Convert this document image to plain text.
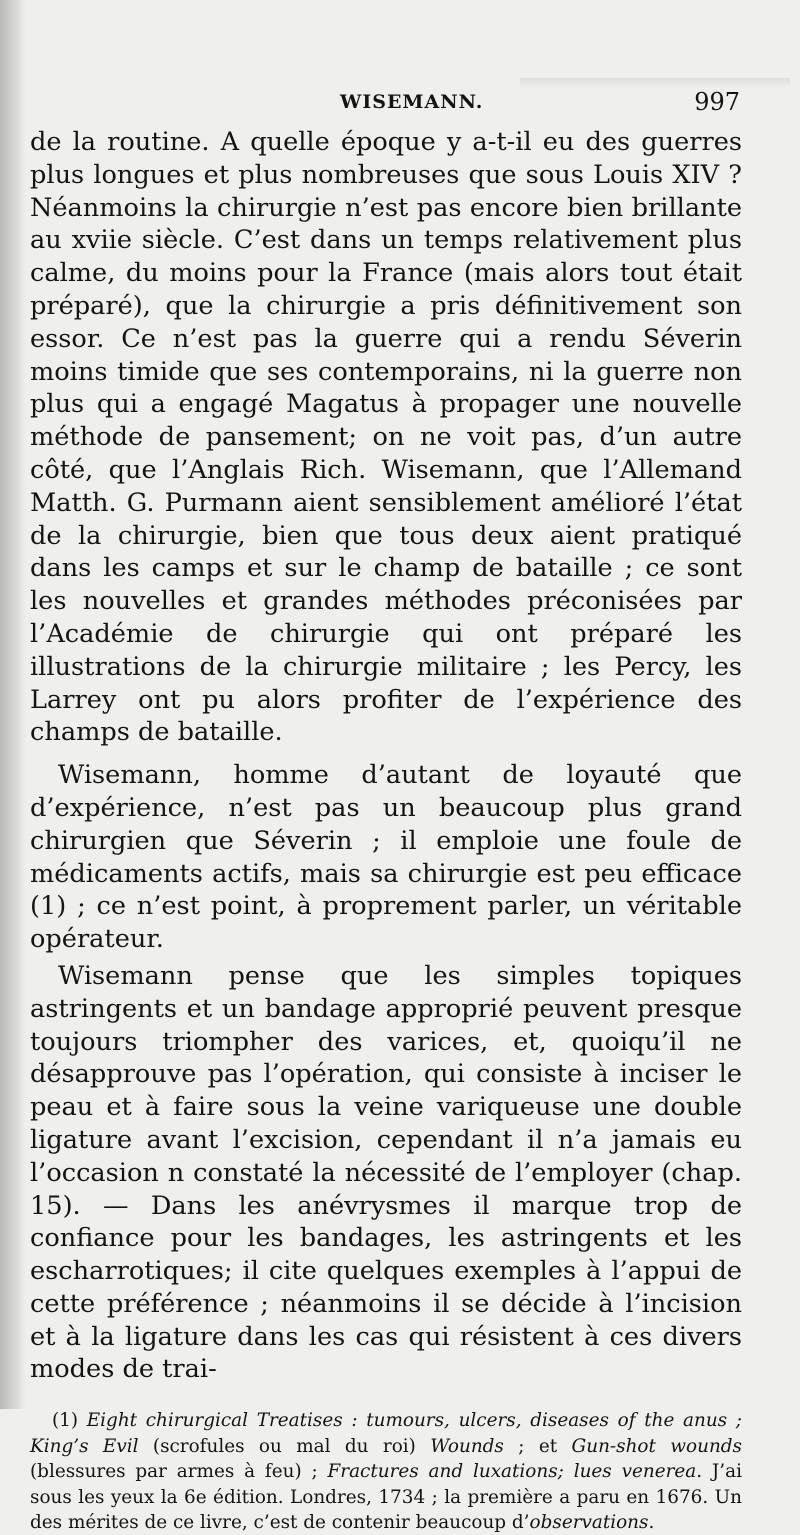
WISEMANN.	997

de la routine. A quelle époque y a-t-il eu des guerres plus longues et plus nombreuses que sous Louis XIV ? Néanmoins la chirurgie n’est pas encore bien brillante au xviie siècle. C’est dans un temps relativement plus calme, du moins pour la France (mais alors tout était préparé), que la chirurgie a pris définitivement son essor. Ce n’est pas la guerre qui a rendu Séverin moins timide que ses contemporains, ni la guerre non plus qui a engagé Magatus à propager une nouvelle méthode de pansement; on ne voit pas, d’un autre côté, que l’Anglais Rich. Wisemann, que l’Allemand Matth. G. Purmann aient sensiblement amélioré l’état de la chirurgie, bien que tous deux aient pratiqué dans les camps et sur le champ de bataille ; ce sont les nouvelles et grandes méthodes préconisées par l’Académie de chirurgie qui ont préparé les illustrations de la chirurgie militaire ; les Percy, les Larrey ont pu alors profiter de l’expérience des champs de bataille.

Wisemann, homme d’autant de loyauté que d’expérience, n’est pas un beaucoup plus grand chirurgien que Séverin ; il emploie une foule de médicaments actifs, mais sa chirurgie est peu efficace (1) ; ce n’est point, à proprement parler, un véritable opérateur.

Wisemann pense que les simples topiques astringents et un bandage approprié peuvent presque toujours triompher des varices, et, quoiqu’il ne désapprouve pas l’opération, qui consiste à inciser le peau et à faire sous la veine variqueuse une double ligature avant l’excision, cependant il n’a jamais eu l’occasion n constaté la nécessité de l’employer (chap. 15). — Dans les anévrysmes il marque trop de confiance pour les bandages, les astringents et les escharrotiques; il cite quelques exemples à l’appui de cette préférence ; néanmoins il se décide à l’incision et à la ligature dans les cas qui résistent à ces divers modes de trai-

(1) Eight chirurgical Treatises : tumours, ulcers, diseases of the anus ; King’s Evil (scrofules ou mal du roi) Wounds ; et Gun-shot wounds (blessures par armes à feu) ; Fractures and luxations; lues venerea. J’ai sous les yeux la 6e édition. Londres, 1734 ; la première a paru en 1676. Un des mérites de ce livre, c’est de contenir beaucoup d’observations.
